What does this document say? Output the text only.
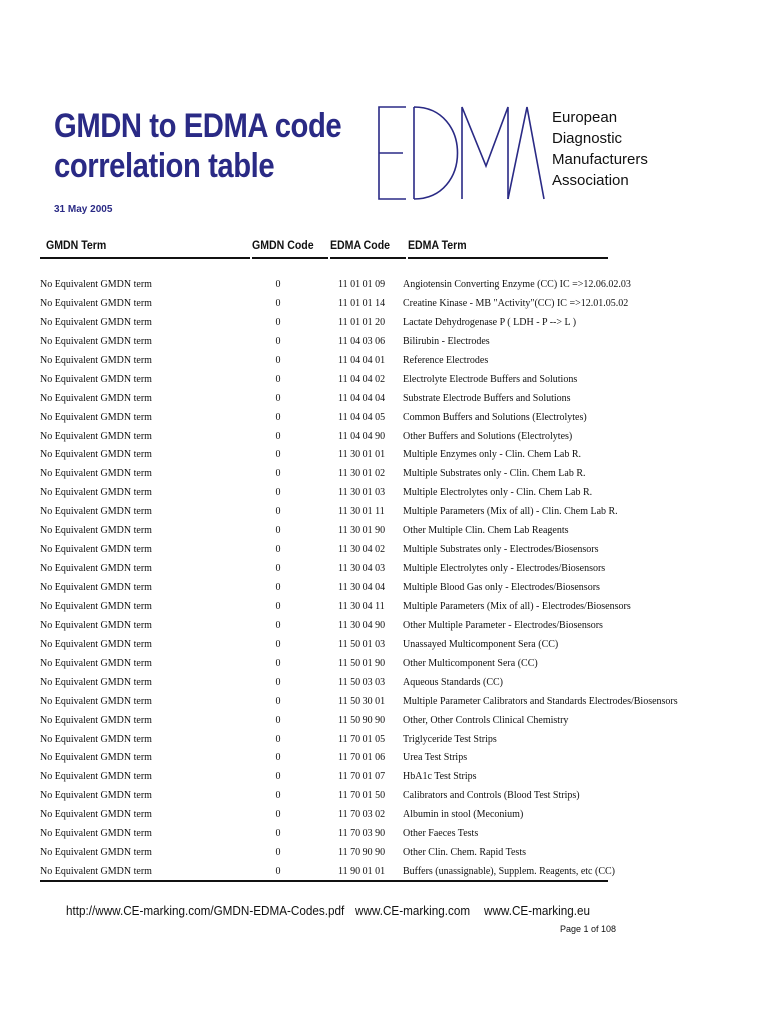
GMDN to EDMA code
correlation table
31 May 2005
European
Diagnostic
Manufacturers
Association
GMDN Term	GMDN Code EDMA Code EDMA Term
No Equivalent GMDN term	0	11 01 01 09 Angiotensin Converting Enzyme (CC) IC =>12.06.02.03
No Equivalent GMDN term	0	11 01 01 14 Creatine Kinase - MB "Activity"(CC) IC =>12.01.05.02
No Equivalent GMDN term	0	11 01 01 20 Lactate Dehydrogenase P ( LDH - P --> L )
No Equivalent GMDN term	0	11 04 03 06 Bilirubin - Electrodes
No Equivalent GMDN term	0	11 04 04 01 Reference Electrodes
No Equivalent GMDN term	0	11 04 04 02 Electrolyte Electrode Buffers and Solutions
No Equivalent GMDN term	0	11 04 04 04 Substrate Electrode Buffers and Solutions
No Equivalent GMDN term	0	11 04 04 05 Common Buffers and Solutions (Electrolytes)
No Equivalent GMDN term	0	11 04 04 90 Other Buffers and Solutions (Electrolytes)
No Equivalent GMDN term	0	11 30 01 01 Multiple Enzymes only - Clin. Chem Lab R.
No Equivalent GMDN term	0	11 30 01 02 Multiple Substrates only - Clin. Chem Lab R.
No Equivalent GMDN term	0	11 30 01 03 Multiple Electrolytes only - Clin. Chem Lab R.
No Equivalent GMDN term	0	11 30 01 11 Multiple Parameters (Mix of all) - Clin. Chem Lab R.
No Equivalent GMDN term	0	11 30 01 90 Other Multiple Clin. Chem Lab Reagents
No Equivalent GMDN term	0	11 30 04 02 Multiple Substrates only - Electrodes/Biosensors
No Equivalent GMDN term	0	11 30 04 03 Multiple Electrolytes only - Electrodes/Biosensors
No Equivalent GMDN term	0	11 30 04 04 Multiple Blood Gas only - Electrodes/Biosensors
No Equivalent GMDN term	0	11 30 04 11 Multiple Parameters (Mix of all) - Electrodes/Biosensors
No Equivalent GMDN term	0	11 30 04 90 Other Multiple Parameter - Electrodes/Biosensors
No Equivalent GMDN term	0	11 50 01 03 Unassayed Multicomponent Sera (CC)
No Equivalent GMDN term	0	11 50 01 90 Other Multicomponent Sera (CC)
No Equivalent GMDN term	0	11 50 03 03 Aqueous Standards (CC)
No Equivalent GMDN term	0	11 50 30 01 Multiple Parameter Calibrators and Standards Electrodes/Biosensors
No Equivalent GMDN term	0	11 50 90 90 Other, Other Controls Clinical Chemistry
No Equivalent GMDN term	0	11 70 01 05 Triglyceride Test Strips
No Equivalent GMDN term	0	11 70 01 06 Urea Test Strips
No Equivalent GMDN term	0	11 70 01 07 HbA1c Test Strips
No Equivalent GMDN term	0	11 70 01 50 Calibrators and Controls (Blood Test Strips)
No Equivalent GMDN term	0	11 70 03 02 Albumin in stool (Meconium)
No Equivalent GMDN term	0	11 70 03 90 Other Faeces Tests
No Equivalent GMDN term	0	11 70 90 90 Other Clin. Chem. Rapid Tests
No Equivalent GMDN term	0	11 90 01 01 Buffers (unassignable), Supplem. Reagents, etc (CC)
http://www.CE-marking.com/GMDN-EDMA-Codes.pdf www.CE-marking.com www.CE-marking.eu
Page 1 of 108
